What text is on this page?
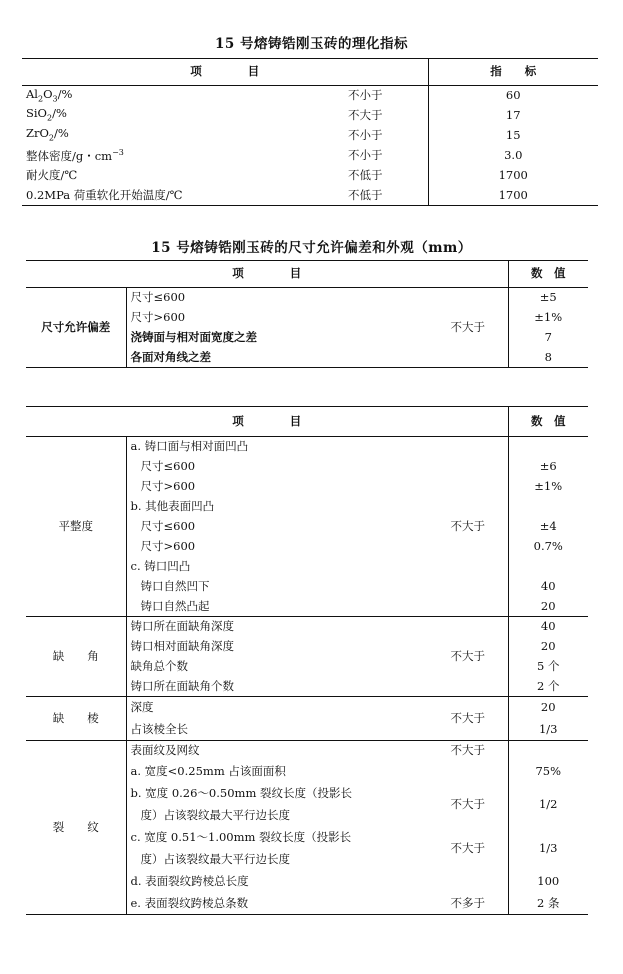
15 号熔铸锆刚玉砖的理化指标
项　　　　目		指　　标
$Al_2O_3/\%$	不小于	60
SiO$_2$/%	不大于	17
ZrO$_2$/%	不小于	15
整体密度/g・$cm^{-3}$	不小于	3.0
耐火度/℃	不低于	1700
0.2MPa 荷重软化开始温度/℃	不低于	1700
15 号熔铸锆刚玉砖的尺寸允许偏差和外观（mm）
项　　　　目			数　值
尺寸允许偏差	尺寸≤600	不大于	±5
	尺寸>600		±1%
	浇铸面与相对面宽度之差		7
	各面对角线之差		8
项　　　　目			数　值
平整度	a. 铸口面与相对面凹凸	不大于	
	尺寸≤600		±6
	尺寸>600		±1%
	b. 其他表面凹凸		
	尺寸≤600		±4
	尺寸>600		0.7%
	c. 铸口凹凸		
	铸口自然凹下		40
	铸口自然凸起		20
缺　　角	铸口所在面缺角深度	不大于	40
	铸口相对面缺角深度		20
	缺角总个数		5 个
	铸口所在面缺角个数		2 个
缺　　棱	深度	不大于	20
	占该棱全长		1/3
裂　　纹	表面纹及网纹	不大于	
	a. 宽度<0.25mm 占该面面积		75%
	b. 宽度 0.26～0.50mm 裂纹长度（投影长	不大于	1/2
	度）占该裂纹最大平行边长度		
	c. 宽度 0.51～1.00mm 裂纹长度（投影长	不大于	1/3
	度）占该裂纹最大平行边长度		
	d. 表面裂纹跨棱总长度		100
	e. 表面裂纹跨棱总条数	不多于	2 条
